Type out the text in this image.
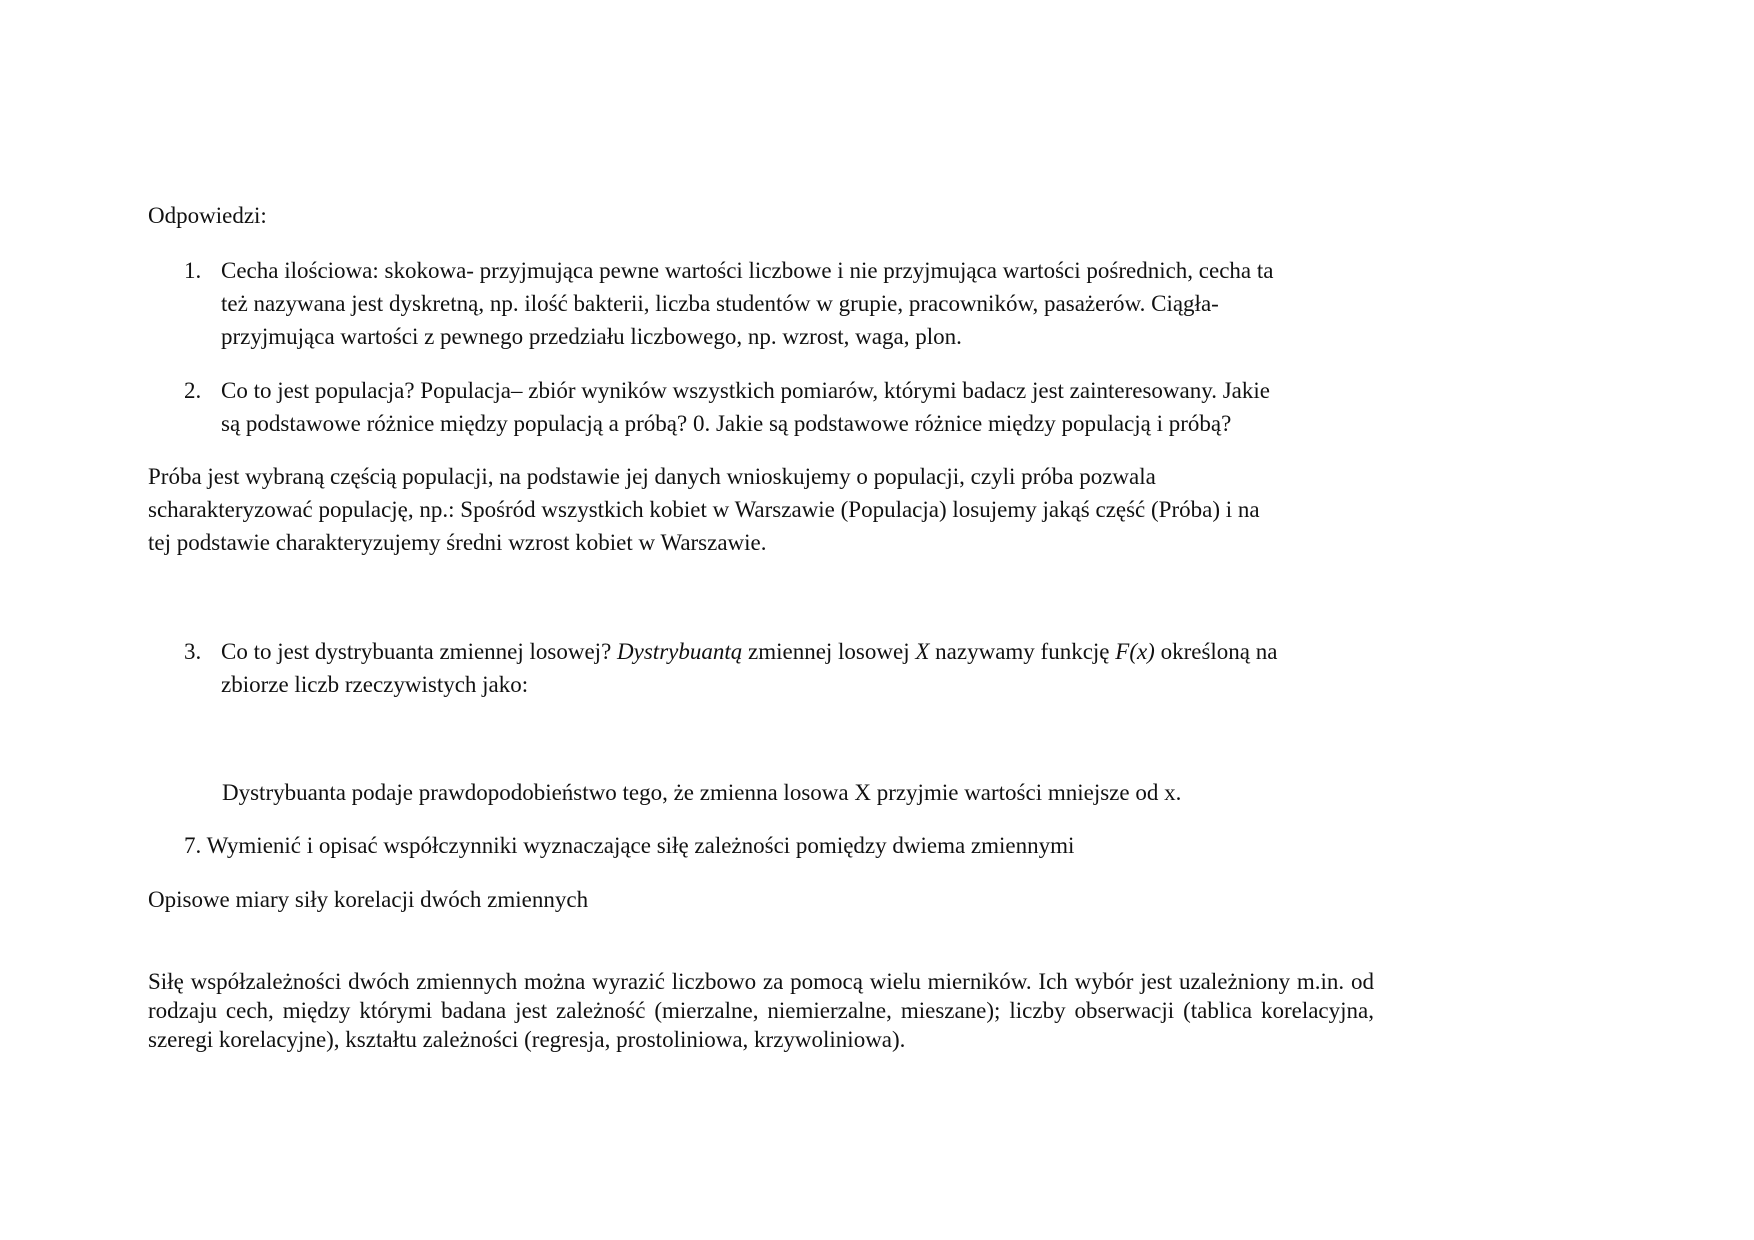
Odpowiedzi:

1. Cecha ilościowa: skokowa- przyjmująca pewne wartości liczbowe i nie przyjmująca wartości pośrednich, cecha ta

też nazywana jest dyskretną, np. ilość bakterii, liczba studentów w grupie, pracowników, pasażerów. Ciągła-

przyjmująca wartości z pewnego przedziału liczbowego, np. wzrost, waga, plon.

2. Co to jest populacja? Populacja– zbiór wyników wszystkich pomiarów, którymi badacz jest zainteresowany. Jakie

są podstawowe różnice między populacją a próbą? 0. Jakie są podstawowe różnice między populacją i próbą?

Próba jest wybraną częścią populacji, na podstawie jej danych wnioskujemy o populacji, czyli próba pozwala

scharakteryzować populację, np.: Spośród wszystkich kobiet w Warszawie (Populacja) losujemy jakąś część (Próba) i na

tej podstawie charakteryzujemy średni wzrost kobiet w Warszawie.

3. Co to jest dystrybuanta zmiennej losowej? Dystrybuantą zmiennej losowej X nazywamy funkcję F(x) określoną na

zbiorze liczb rzeczywistych jako:

Dystrybuanta podaje prawdopodobieństwo tego, że zmienna losowa X przyjmie wartości mniejsze od x.

7. Wymienić i opisać współczynniki wyznaczające siłę zależności pomiędzy dwiema zmiennymi

Opisowe miary siły korelacji dwóch zmiennych

Siłę współzależności dwóch zmiennych można wyrazić liczbowo za pomocą wielu mierników. Ich wybór jest uzależniony m.in. od rodzaju cech, między którymi badana jest zależność (mierzalne, niemierzalne, mieszane); liczby obserwacji (tablica korelacyjna, szeregi korelacyjne), kształtu zależności (regresja, prostoliniowa, krzywoliniowa).
